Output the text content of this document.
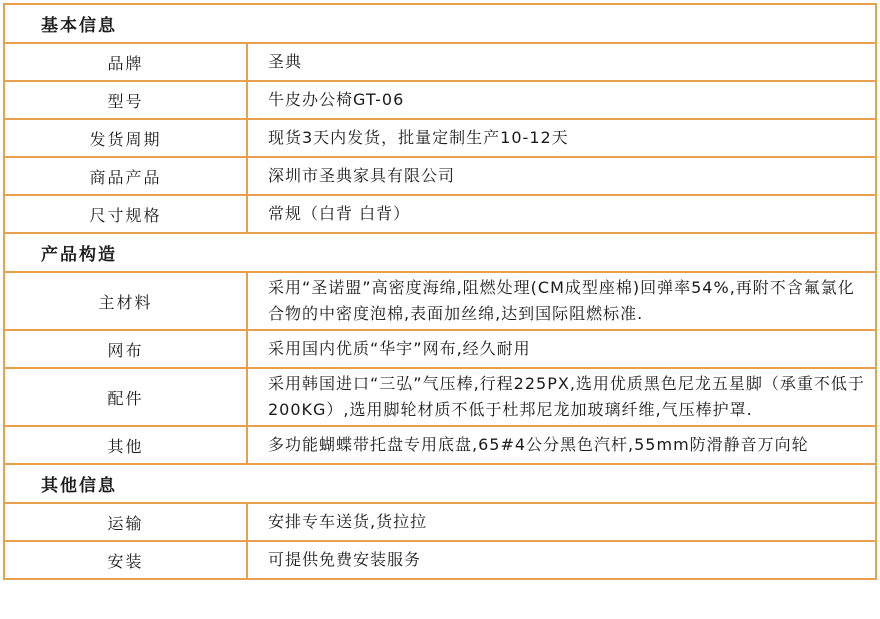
基本信息	
品牌	圣典
型号	牛皮办公椅GT-06
发货周期	现货3天内发货，批量定制生产10-12天
商品产品	深圳市圣典家具有限公司
尺寸规格	常规（白背 白背）
产品构造	
主材料	采用“圣诺盟”高密度海绵,阻燃处理(CM成型座棉)回弹率54%,再附不含氟氯化合物的中密度泡棉,表面加丝绵,达到国际阻燃标准.
网布	采用国内优质“华宇”网布,经久耐用
配件	采用韩国进口“三弘”气压棒,行程225PX,选用优质黑色尼龙五星脚（承重不低于200KG）,选用脚轮材质不低于杜邦尼龙加玻璃纤维,气压棒护罩.
其他	多功能蝴蝶带托盘专用底盘,65#4公分黑色汽杆,55mm防滑静音万向轮
其他信息	
运输	安排专车送货,货拉拉
安装	可提供免费安装服务
